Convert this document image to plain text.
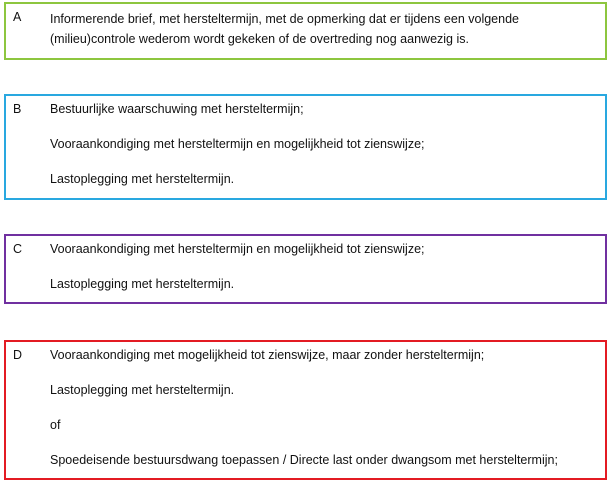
A Informerende brief, met hersteltermijn, met de opmerking dat er tijdens een volgende
(milieu)controle wederom wordt gekeken of de overtreding nog aanwezig is.
B Bestuurlijke waarschuwing met hersteltermijn;
Vooraankondiging met hersteltermijn en mogelijkheid tot zienswijze;
Lastoplegging met hersteltermijn.
C Vooraankondiging met hersteltermijn en mogelijkheid tot zienswijze;
Lastoplegging met hersteltermijn.
D Vooraankondiging met mogelijkheid tot zienswijze, maar zonder hersteltermijn;
Lastoplegging met hersteltermijn.
of
Spoedeisende bestuursdwang toepassen / Directe last onder dwangsom met hersteltermijn;
